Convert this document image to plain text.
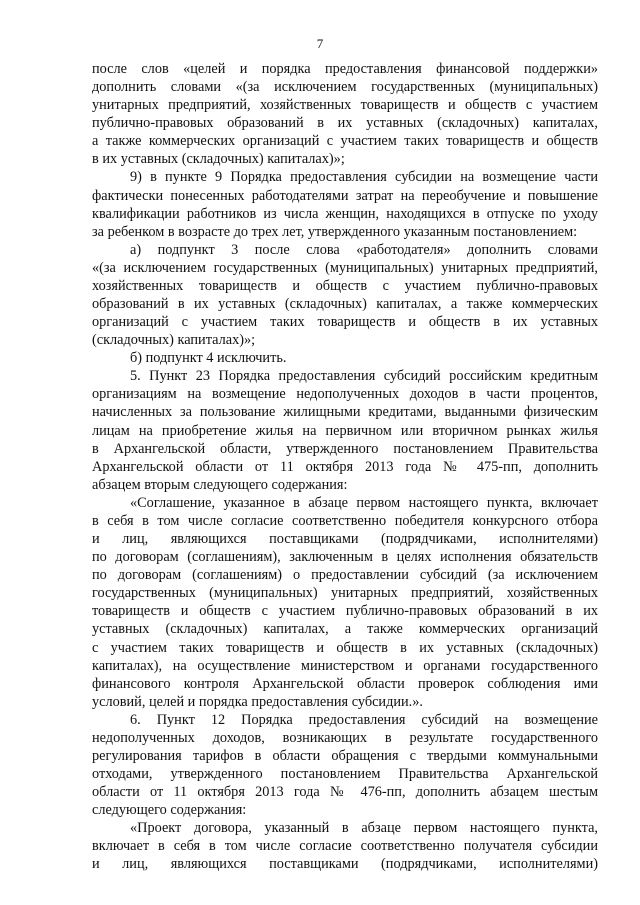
7
после слов «целей и порядка предоставления финансовой поддержки»
дополнить словами «(за исключением государственных (муниципальных)
унитарных предприятий, хозяйственных товариществ и обществ с участием
публично-правовых образований в их уставных (складочных) капиталах,
а также коммерческих организаций с участием таких товариществ и обществ
в их уставных (складочных) капиталах)»;
9) в пункте 9 Порядка предоставления субсидии на возмещение части
фактически понесенных работодателями затрат на переобучение и повышение
квалификации работников из числа женщин, находящихся в отпуске по уходу
за ребенком в возрасте до трех лет, утвержденного указанным постановлением:
а) подпункт 3 после слова «работодателя» дополнить словами
«(за исключением государственных (муниципальных) унитарных предприятий,
хозяйственных товариществ и обществ с участием публично-правовых
образований в их уставных (складочных) капиталах, а также коммерческих
организаций с участием таких товариществ и обществ в их уставных
(складочных) капиталах)»;
б) подпункт 4 исключить.
5. Пункт 23 Порядка предоставления субсидий российским кредитным
организациям на возмещение недополученных доходов в части процентов,
начисленных за пользование жилищными кредитами, выданными физическим
лицам на приобретение жилья на первичном или вторичном рынках жилья
в Архангельской области, утвержденного постановлением Правительства
Архангельской области от 11 октября 2013 года № 475-пп, дополнить
абзацем вторым следующего содержания:
«Соглашение, указанное в абзаце первом настоящего пункта, включает
в себя в том числе согласие соответственно победителя конкурсного отбора
и лиц, являющихся поставщиками (подрядчиками, исполнителями)
по договорам (соглашениям), заключенным в целях исполнения обязательств
по договорам (соглашениям) о предоставлении субсидий (за исключением
государственных (муниципальных) унитарных предприятий, хозяйственных
товариществ и обществ с участием публично-правовых образований в их
уставных (складочных) капиталах, а также коммерческих организаций
с участием таких товариществ и обществ в их уставных (складочных)
капиталах), на осуществление министерством и органами государственного
финансового контроля Архангельской области проверок соблюдения ими
условий, целей и порядка предоставления субсидии.».
6. Пункт 12 Порядка предоставления субсидий на возмещение
недополученных доходов, возникающих в результате государственного
регулирования тарифов в области обращения с твердыми коммунальными
отходами, утвержденного постановлением Правительства Архангельской
области от 11 октября 2013 года № 476-пп, дополнить абзацем шестым
следующего содержания:
«Проект договора, указанный в абзаце первом настоящего пункта,
включает в себя в том числе согласие соответственно получателя субсидии
и лиц, являющихся поставщиками (подрядчиками, исполнителями)
